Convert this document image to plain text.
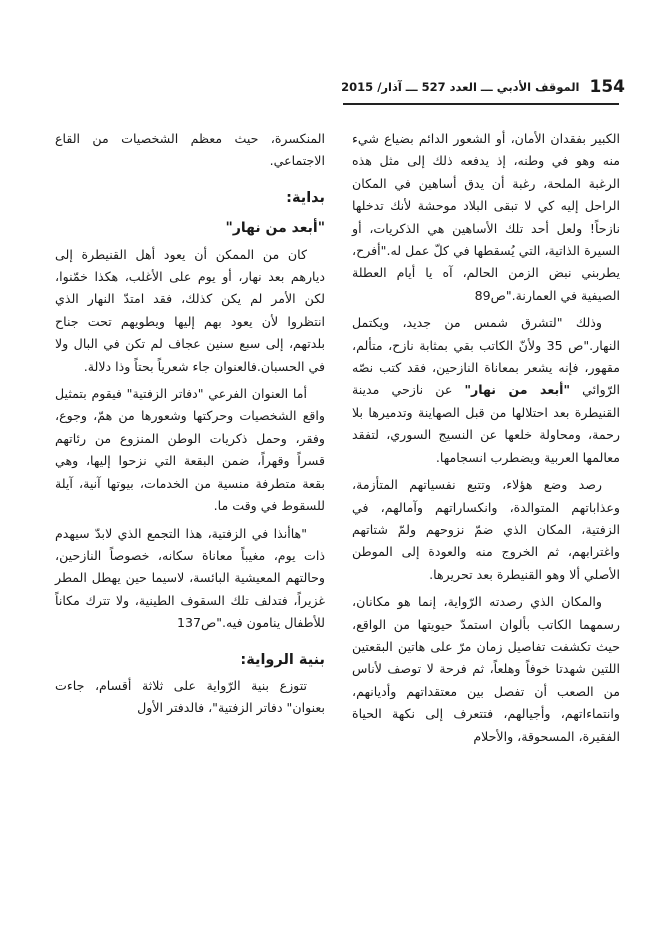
154
الموقف الأدبي ـــ العدد 527 ـــ آذار/ 2015

الكبير بفقدان الأمان، أو الشعور الدائم بضياع شيء منه وهو في وطنه، إذ يدفعه ذلك إلى مثل هذه الرغبة الملحة، رغبة أن يدق أساهين في المكان الراحل إليه كي لا تبقى البلاد موحشة لأنك تدخلها نازحاً! ولعل أحد تلك الأساهين هي الذكريات، أو السيرة الذاتية، التي يُسقطها في كلّ عمل له."أفرح، يطربني نبض الزمن الحالم، آه يا أيام العطلة الصيفية في العمارنة."ص89

وذلك "لتشرق شمس من جديد، ويكتمل النهار."ص 35 ولأنّ الكاتب بقي بمثابة نازح، متألم، مقهور، فإنه يشعر بمعاناة النازحين، فقد كتب نصّه الرّوائي "أبعد من نهار" عن نازحي مدينة القنيطرة بعد احتلالها من قبل الصهاينة وتدميرها بلا رحمة، ومحاولة خلعها عن النسيج السوري، لتفقد معالمها العربية ويضطرب انسجامها.

رصد وضع هؤلاء، وتتبع نفسياتهم المتأزمة، وعذاباتهم المتوالدة، وانكساراتهم وآمالهم، في الزفتية، المكان الذي ضمّ نزوحهم ولمّ شتاتهم واغترابهم، ثم الخروج منه والعودة إلى الموطن الأصلي ألا وهو القنيطرة بعد تحريرها.

والمكان الذي رصدته الرّواية، إنما هو مكانان، رسمهما الكاتب بألوان استمدّ حيويتها من الواقع، حيث تكشفت تفاصيل زمان مرّ على هاتين البقعتين اللتين شهدتا خوفاً وهلعاً، ثم فرحة لا توصف لأناس من الصعب أن تفصل بين معتقداتهم وأديانهم، وانتماءاتهم، وأجيالهم، فتتعرف إلى نكهة الحياة الفقيرة، المسحوقة، والأحلام

المنكسرة، حيث معظم الشخصيات من القاع الاجتماعي.

بداية:
"أبعد من نهار"

كان من الممكن أن يعود أهل القنيطرة إلى ديارهم بعد نهار، أو يوم على الأغلب، هكذا خمّنوا، لكن الأمر لم يكن كذلك، فقد امتدّ النهار الذي انتظروا لأن يعود بهم إليها ويطويهم تحت جناح بلدتهم، إلى سبع سنين عجاف لم تكن في البال ولا في الحسبان.فالعنوان جاء شعرياً بحتاً وذا دلالة.

أما العنوان الفرعي "دفاتر الزفتية" فيقوم بتمثيل واقع الشخصيات وحركتها وشعورها من همّ، وجوع، وفقر، وحمل ذكريات الوطن المنزوع من رئاتهم قسراً وقهراً، ضمن البقعة التي نزحوا إليها، وهي بقعة متطرفة منسية من الخدمات، بيوتها آنية، آيلة للسقوط في وقت ما.

"هاأنذا في الزفتية، هذا التجمع الذي لابدّ سيهدم ذات يوم، مغيباً معاناة سكانه، خصوصاً النازحين، وحالتهم المعيشية البائسة، لاسيما حين يهطل المطر غزيراً، فتدلف تلك السقوف الطينية، ولا تترك مكاناً للأطفال ينامون فيه."ص137

بنية الرواية:

تتوزع بنية الرّواية على ثلاثة أقسام، جاءت بعنوان" دفاتر الزفتية"، فالدفتر الأول
